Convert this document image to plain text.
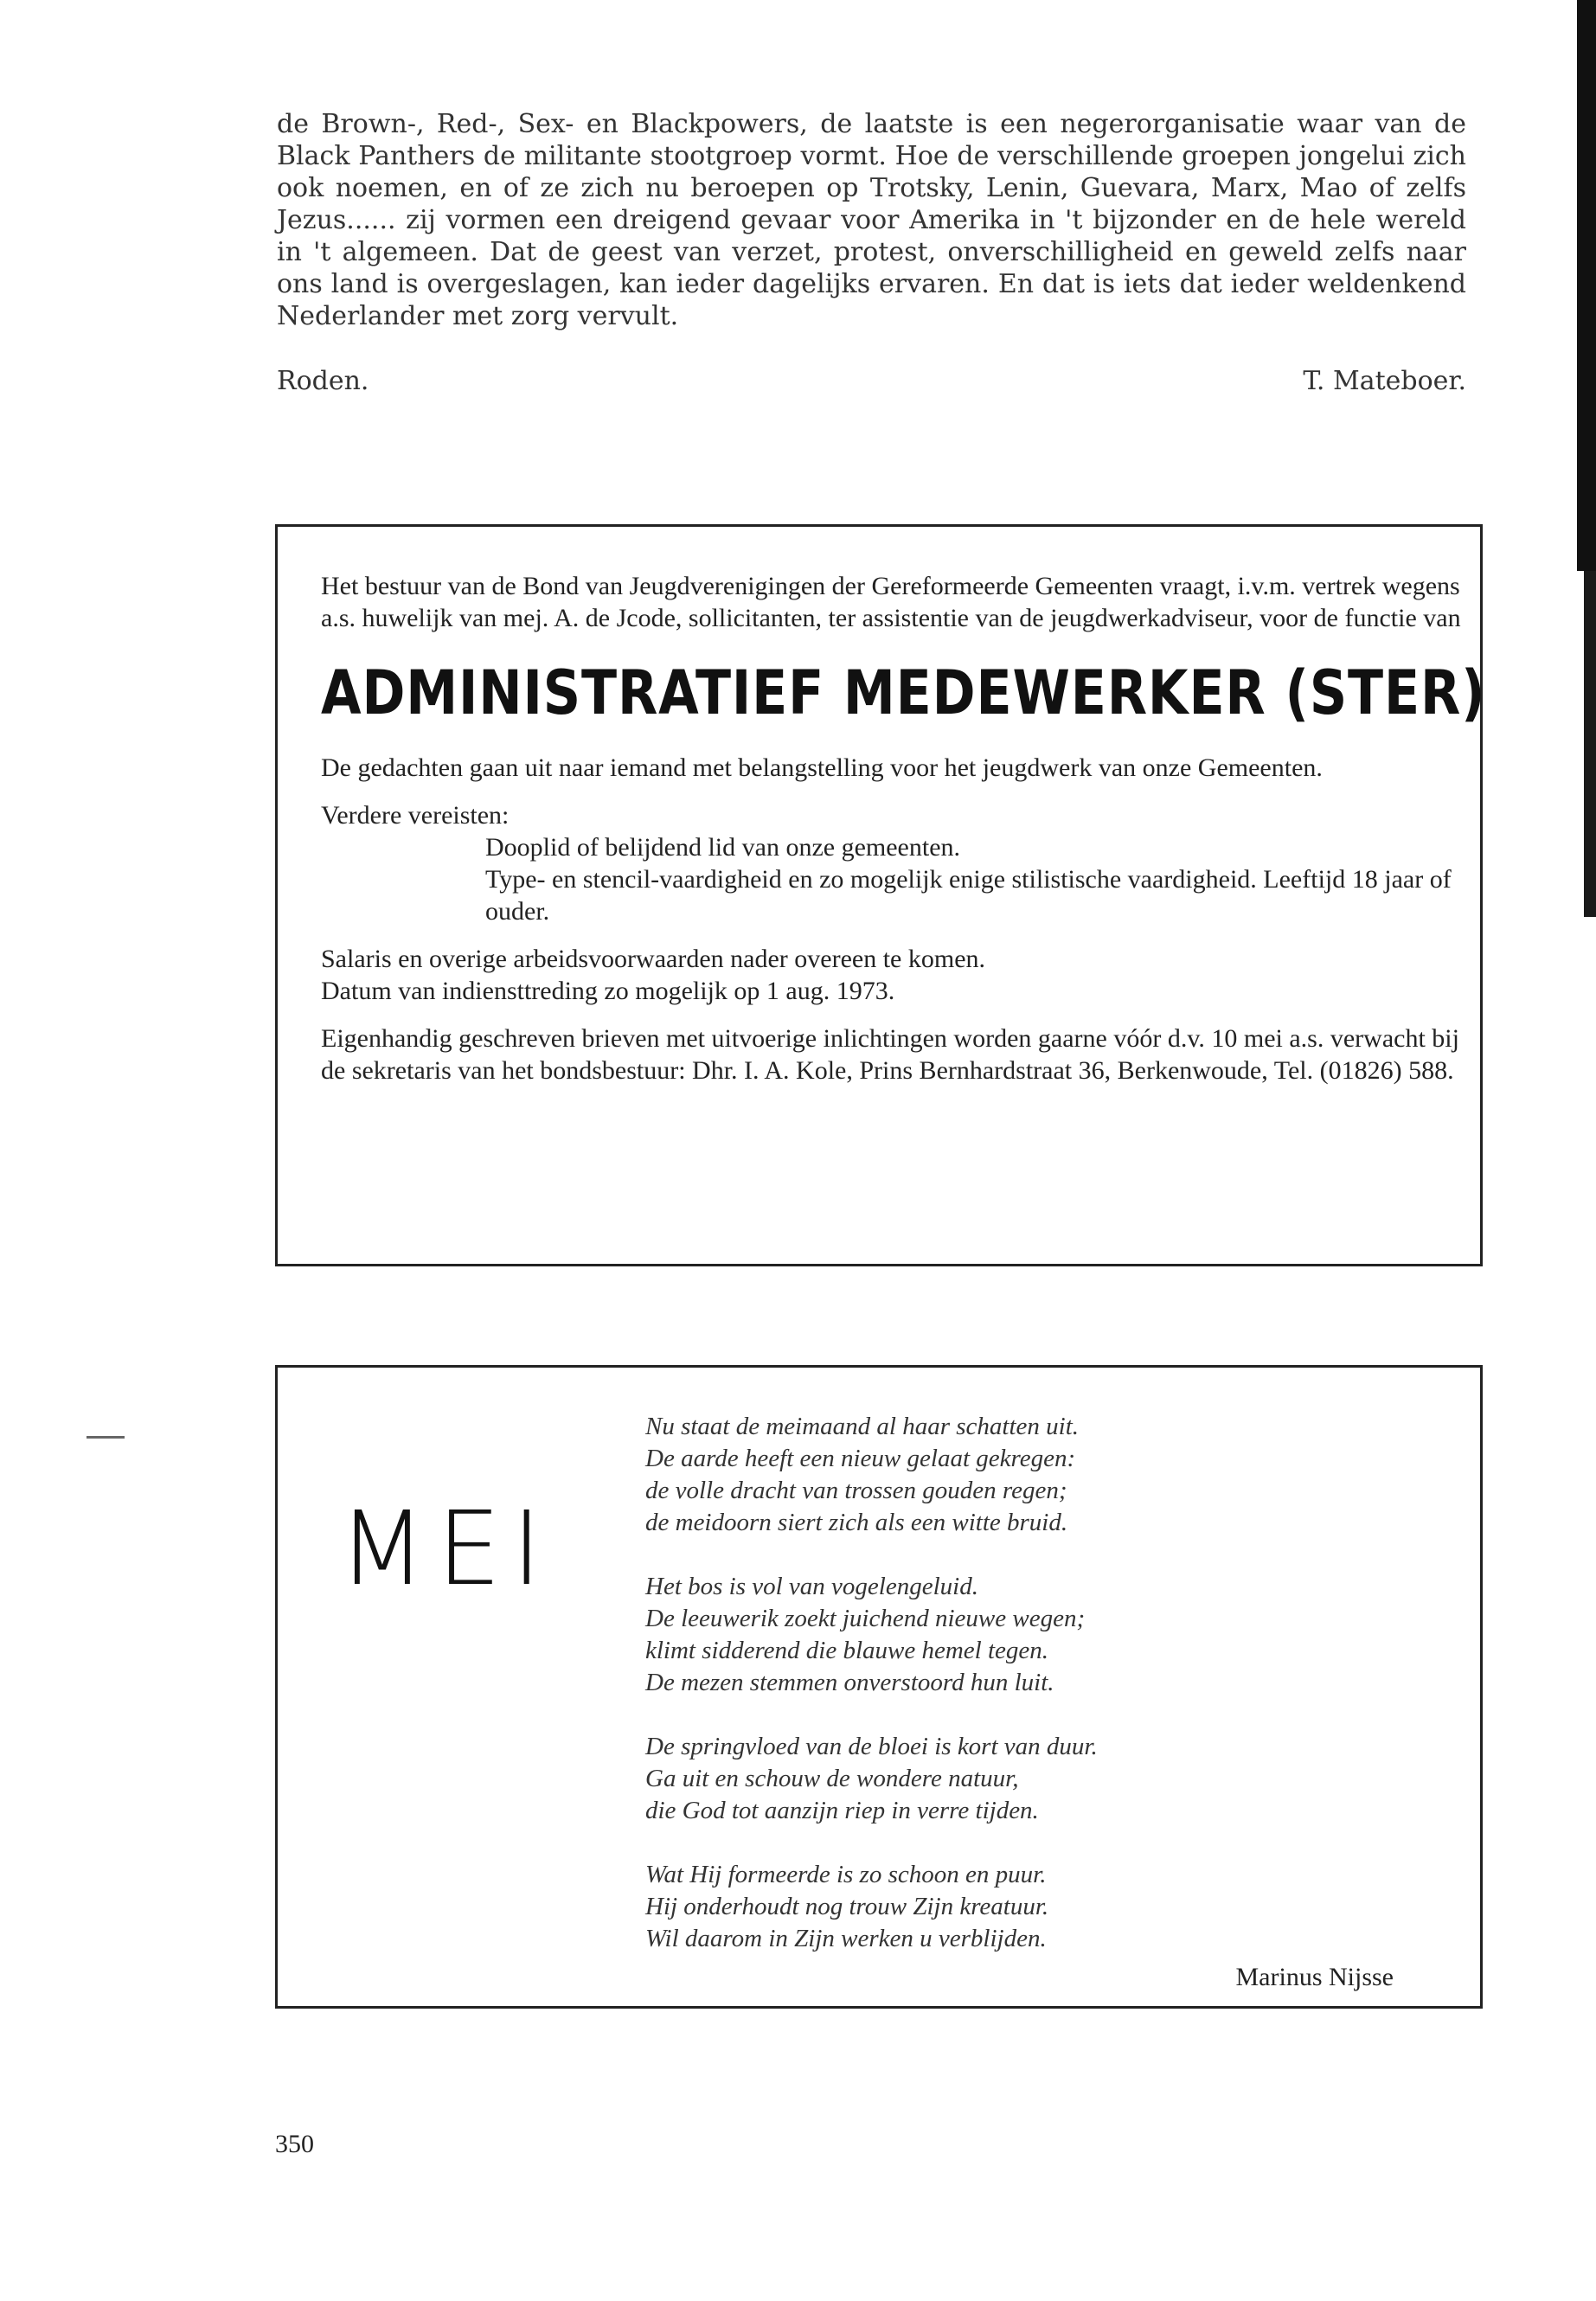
de Brown-, Red-, Sex- en Blackpowers, de laatste is een negerorganisatie waar van de Black Panthers de militante stootgroep vormt. Hoe de verschillende groepen jongelui zich ook noemen, en of ze zich nu beroepen op Trotsky, Lenin, Guevara, Marx, Mao of zelfs Jezus...... zij vormen een dreigend gevaar voor Amerika in 't bijzonder en de hele wereld in 't algemeen. Dat de geest van verzet, protest, onverschilligheid en geweld zelfs naar ons land is overgeslagen, kan ieder dagelijks ervaren. En dat is iets dat ieder weldenkend Nederlander met zorg vervult.

Roden.	T. Mateboer.

Het bestuur van de Bond van Jeugdverenigingen der Gereformeerde Gemeenten vraagt, i.v.m. vertrek wegens a.s. huwelijk van mej. A. de Jcode, sollicitanten, ter assistentie van de jeugdwerkadviseur, voor de functie van

ADMINISTRATIEF MEDEWERKER (STER)

De gedachten gaan uit naar iemand met belangstelling voor het jeugdwerk van onze Gemeenten.

Verdere vereisten:

Dooplid of belijdend lid van onze gemeenten.

Type- en stencil-vaardigheid en zo mogelijk enige stilistische vaardigheid. Leeftijd 18 jaar of ouder.

Salaris en overige arbeidsvoorwaarden nader overeen te komen.

Datum van indiensttreding zo mogelijk op 1 aug. 1973.

Eigenhandig geschreven brieven met uitvoerige inlichtingen worden gaarne vóór d.v. 10 mei a.s. verwacht bij de sekretaris van het bondsbestuur: Dhr. I. A. Kole, Prins Bernhardstraat 36, Berkenwoude, Tel. (01826) 588.

MEI
Nu staat de meimaand al haar schatten uit.
De aarde heeft een nieuw gelaat gekregen:
de volle dracht van trossen gouden regen;
de meidoorn siert zich als een witte bruid.
Het bos is vol van vogelengeluid.
De leeuwerik zoekt juichend nieuwe wegen;
klimt sidderend die blauwe hemel tegen.
De mezen stemmen onverstoord hun luit.
De springvloed van de bloei is kort van duur.
Ga uit en schouw de wondere natuur,
die God tot aanzijn riep in verre tijden.
Wat Hij formeerde is zo schoon en puur.
Hij onderhoudt nog trouw Zijn kreatuur.
Wil daarom in Zijn werken u verblijden.
Marinus Nijsse
350
